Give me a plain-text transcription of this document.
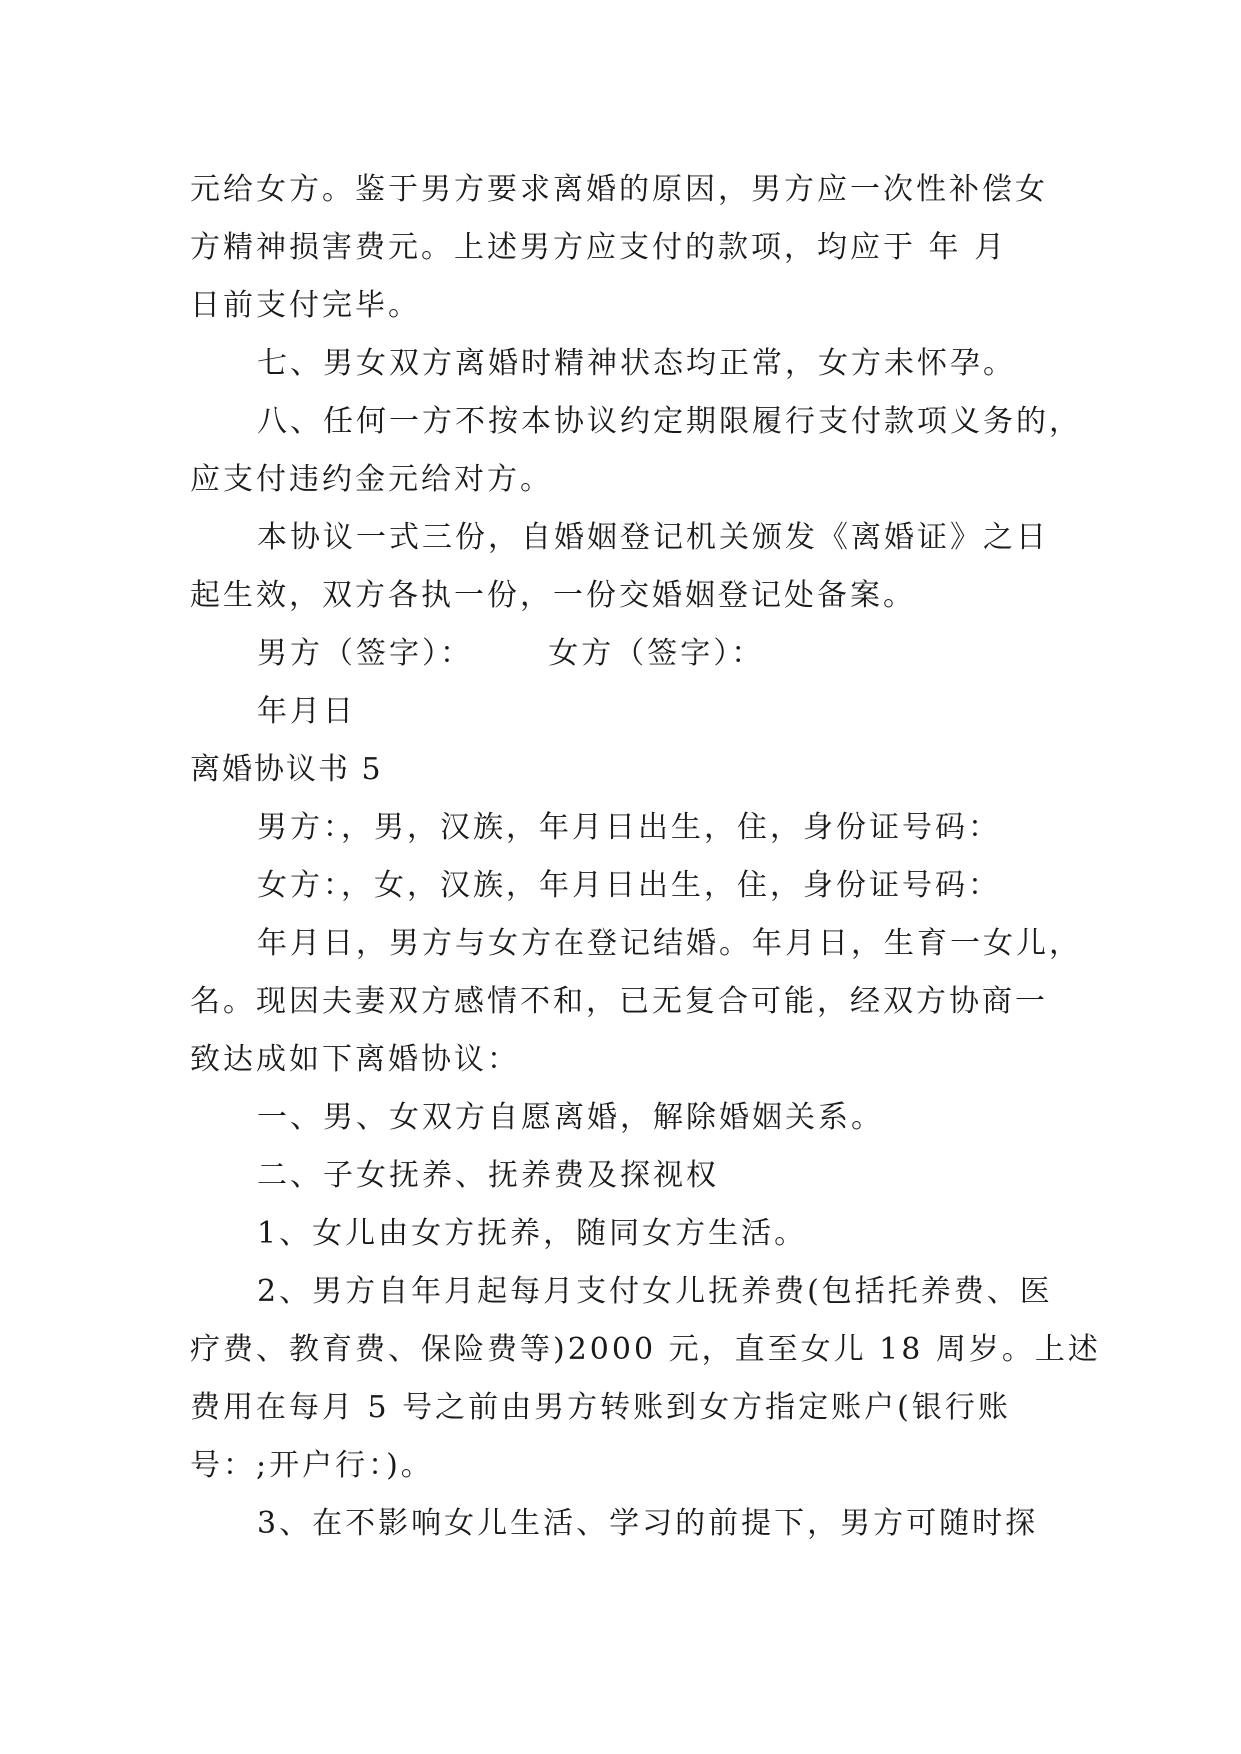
元给女方。鉴于男方要求离婚的原因，男方应一次性补偿女
方精神损害费元。上述男方应支付的款项，均应于 年 月
日前支付完毕。
七、男女双方离婚时精神状态均正常，女方未怀孕。
八、任何一方不按本协议约定期限履行支付款项义务的，
应支付违约金元给对方。
本协议一式三份，自婚姻登记机关颁发《离婚证》之日
起生效，双方各执一份，一份交婚姻登记处备案。
男方（签字）：      女方（签字）：
年月日
离婚协议书 5
男方：，男，汉族，年月日出生，住，身份证号码：
女方：，女，汉族，年月日出生，住，身份证号码：
年月日，男方与女方在登记结婚。年月日，生育一女儿，
名。现因夫妻双方感情不和，已无复合可能，经双方协商一
致达成如下离婚协议：
一、男、女双方自愿离婚，解除婚姻关系。
二、子女抚养、抚养费及探视权
1、女儿由女方抚养，随同女方生活。
2、男方自年月起每月支付女儿抚养费(包括托养费、医
疗费、教育费、保险费等)2000 元，直至女儿 18 周岁。上述
费用在每月 5 号之前由男方转账到女方指定账户(银行账
号：;开户行：)。
3、在不影响女儿生活、学习的前提下，男方可随时探
